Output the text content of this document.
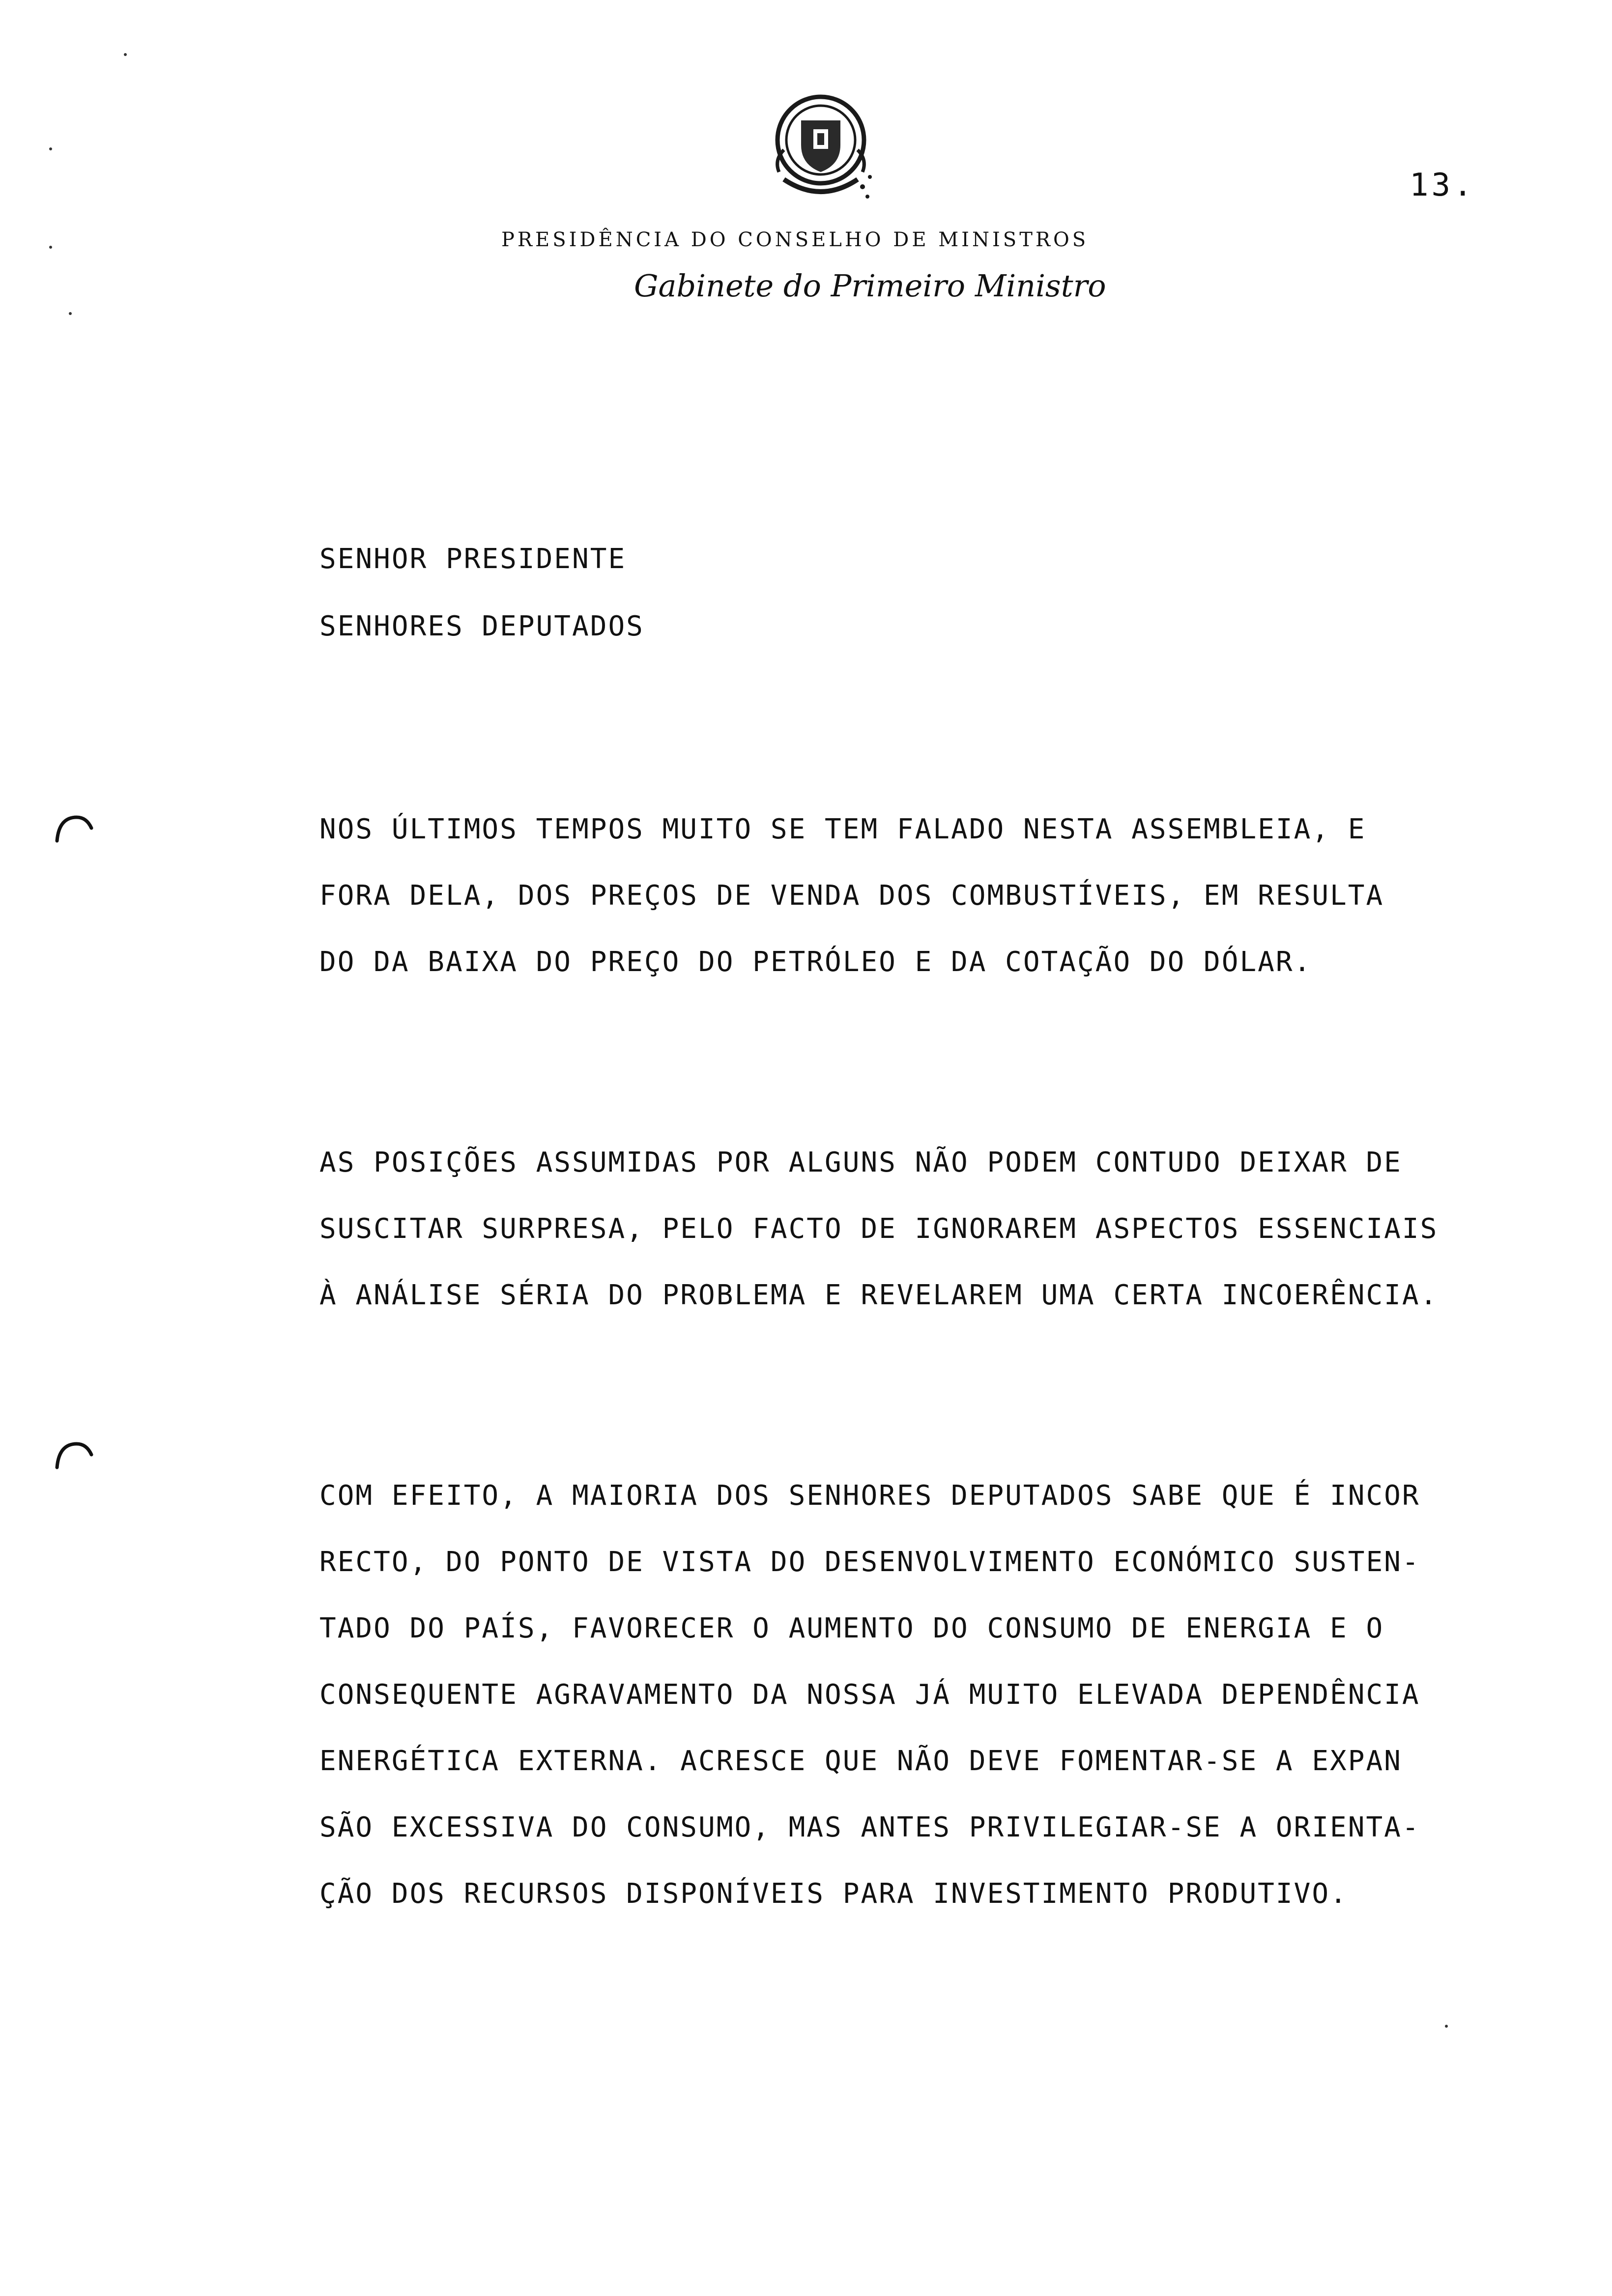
13.
PRESIDÊNCIA DO CONSELHO DE MINISTROS
Gabinete do Primeiro Ministro
SENHOR PRESIDENTE
SENHORES DEPUTADOS
NOS ÚLTIMOS TEMPOS MUITO SE TEM FALADO NESTA ASSEMBLEIA, E
FORA DELA, DOS PREÇOS DE VENDA DOS COMBUSTÍVEIS, EM RESULTA
DO DA BAIXA DO PREÇO DO PETRÓLEO E DA COTAÇÃO DO DÓLAR.
AS POSIÇÕES ASSUMIDAS POR ALGUNS NÃO PODEM CONTUDO DEIXAR DE
SUSCITAR SURPRESA, PELO FACTO DE IGNORAREM ASPECTOS ESSENCIAIS
À ANÁLISE SÉRIA DO PROBLEMA E REVELAREM UMA CERTA INCOERÊNCIA.
COM EFEITO, A MAIORIA DOS SENHORES DEPUTADOS SABE QUE É INCOR
RECTO, DO PONTO DE VISTA DO DESENVOLVIMENTO ECONÓMICO SUSTEN-
TADO DO PAÍS, FAVORECER O AUMENTO DO CONSUMO DE ENERGIA E O
CONSEQUENTE AGRAVAMENTO DA NOSSA JÁ MUITO ELEVADA DEPENDÊNCIA
ENERGÉTICA EXTERNA. ACRESCE QUE NÃO DEVE FOMENTAR-SE A EXPAN
SÃO EXCESSIVA DO CONSUMO, MAS ANTES PRIVILEGIAR-SE A ORIENTA-
ÇÃO DOS RECURSOS DISPONÍVEIS PARA INVESTIMENTO PRODUTIVO.
